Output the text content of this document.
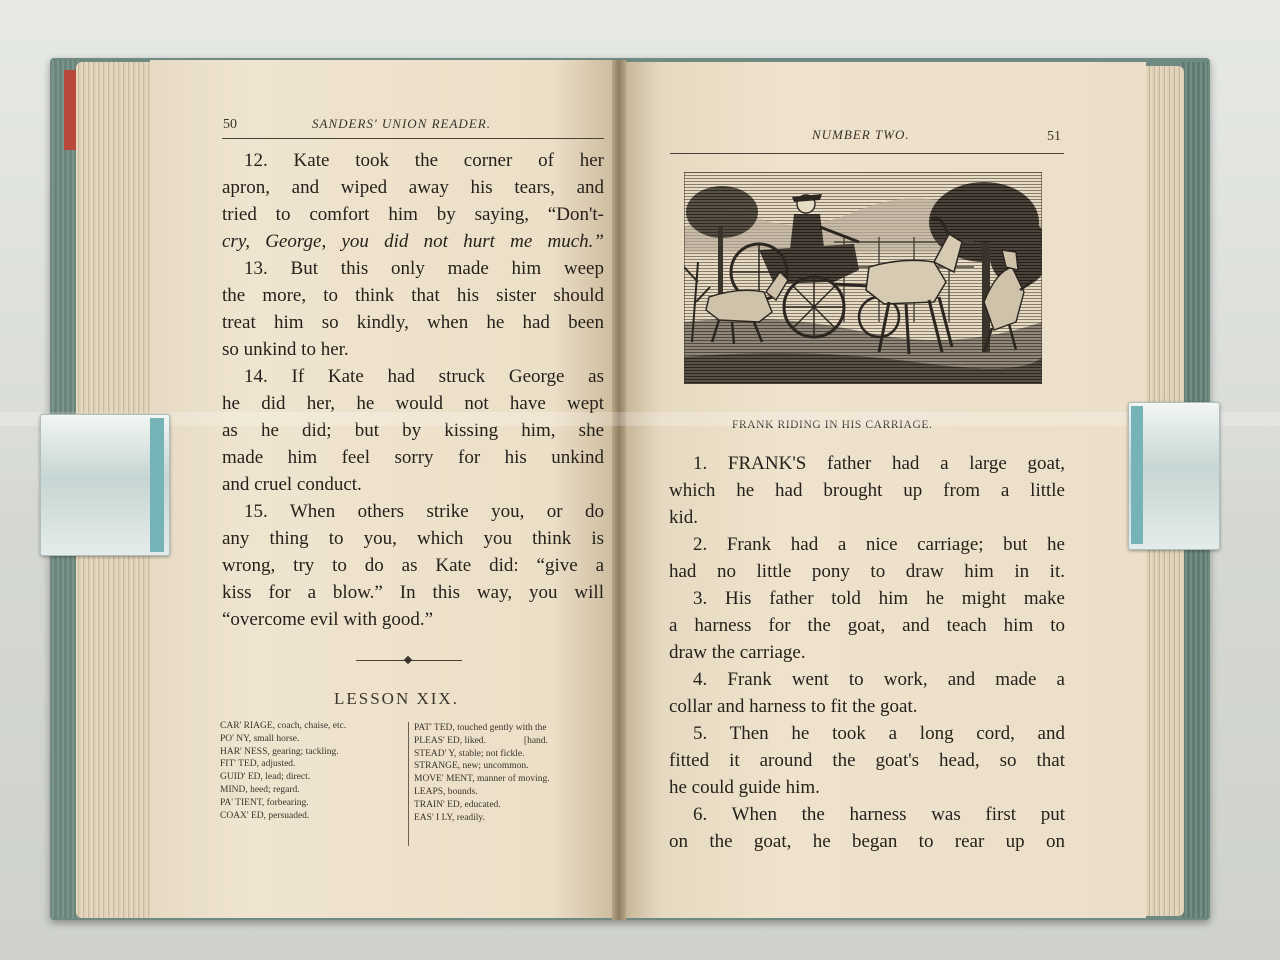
50	SANDERS' UNION READER.
12. Kate took the corner of her
apron, and wiped away his tears, and
tried to comfort him by saying, “Don't-
cry, George, you did not hurt me much.”
13. But this only made him weep
the more, to think that his sister should
treat him so kindly, when he had been
so unkind to her.
14. If Kate had struck George as
he did her, he would not have wept
as he did; but by kissing him, she
made him feel sorry for his unkind
and cruel conduct.
15. When others strike you, or do
any thing to you, which you think is
wrong, try to do as Kate did: “give a
kiss for a blow.” In this way, you will
“overcome evil with good.”
LESSON XIX.
CAR' RIAGE, coach, chaise, etc.
PO' NY, small horse.
HAR' NESS, gearing; tackling.
FIT' TED, adjusted.
GUID' ED, lead; direct.
MIND, heed; regard.
PA' TIENT, forbearing.
COAX' ED, persuaded.
PAT' TED, touched gently with the
PLEAS' ED, liked.                [hand.
STEAD' Y, stable; not fickle.
STRANGE, new; uncommon.
MOVE' MENT, manner of moving.
LEAPS, bounds.
TRAIN' ED, educated.
EAS' I LY, readily.
NUMBER TWO.	51
FRANK RIDING IN HIS CARRIAGE.
1. FRANK'S father had a large goat,
which he had brought up from a little
kid.
2. Frank had a nice carriage; but he
had no little pony to draw him in it.
3. His father told him he might make
a harness for the goat, and teach him to
draw the carriage.
4. Frank went to work, and made a
collar and harness to fit the goat.
5. Then he took a long cord, and
fitted it around the goat's head, so that
he could guide him.
6. When the harness was first put
on the goat, he began to rear up on
